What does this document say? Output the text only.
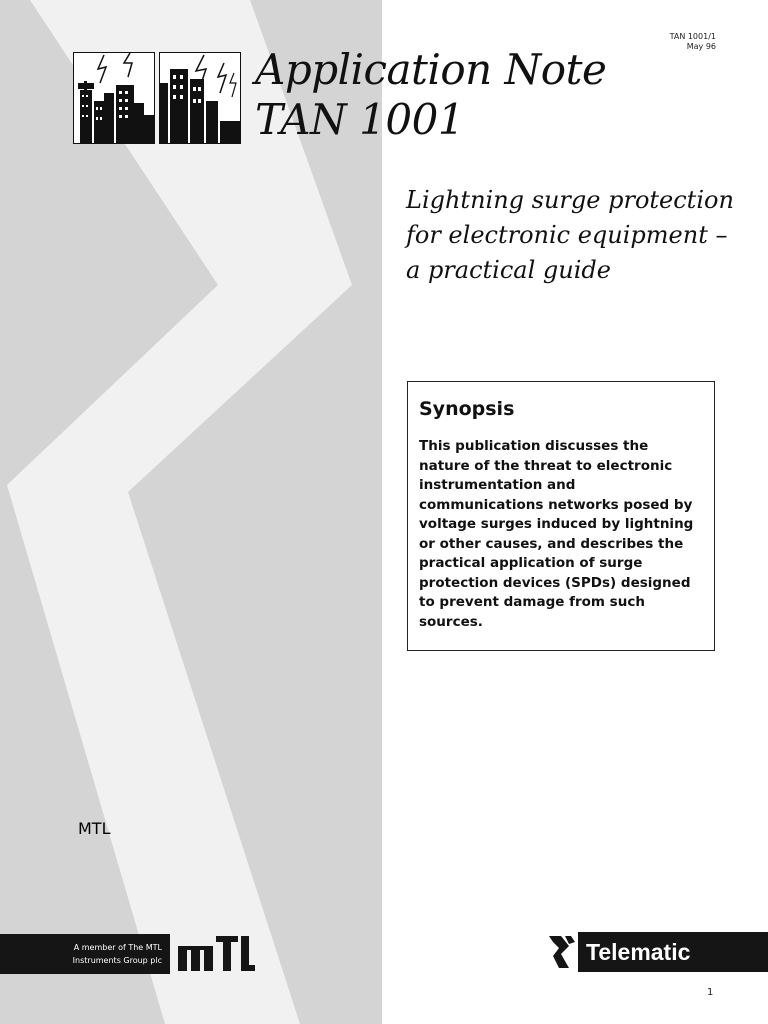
TAN 1001/1
May 96
Application Note
TAN 1001
Lightning surge protection for electronic equipment – a practical guide
Synopsis

This publication discusses the nature of the threat to electronic instrumentation and communications networks posed by voltage surges induced by lightning or other causes, and describes the practical application of surge protection devices (SPDs) designed to prevent damage from such sources.

A member of The MTL
Instruments Group plc
MTL
Telematic
1
